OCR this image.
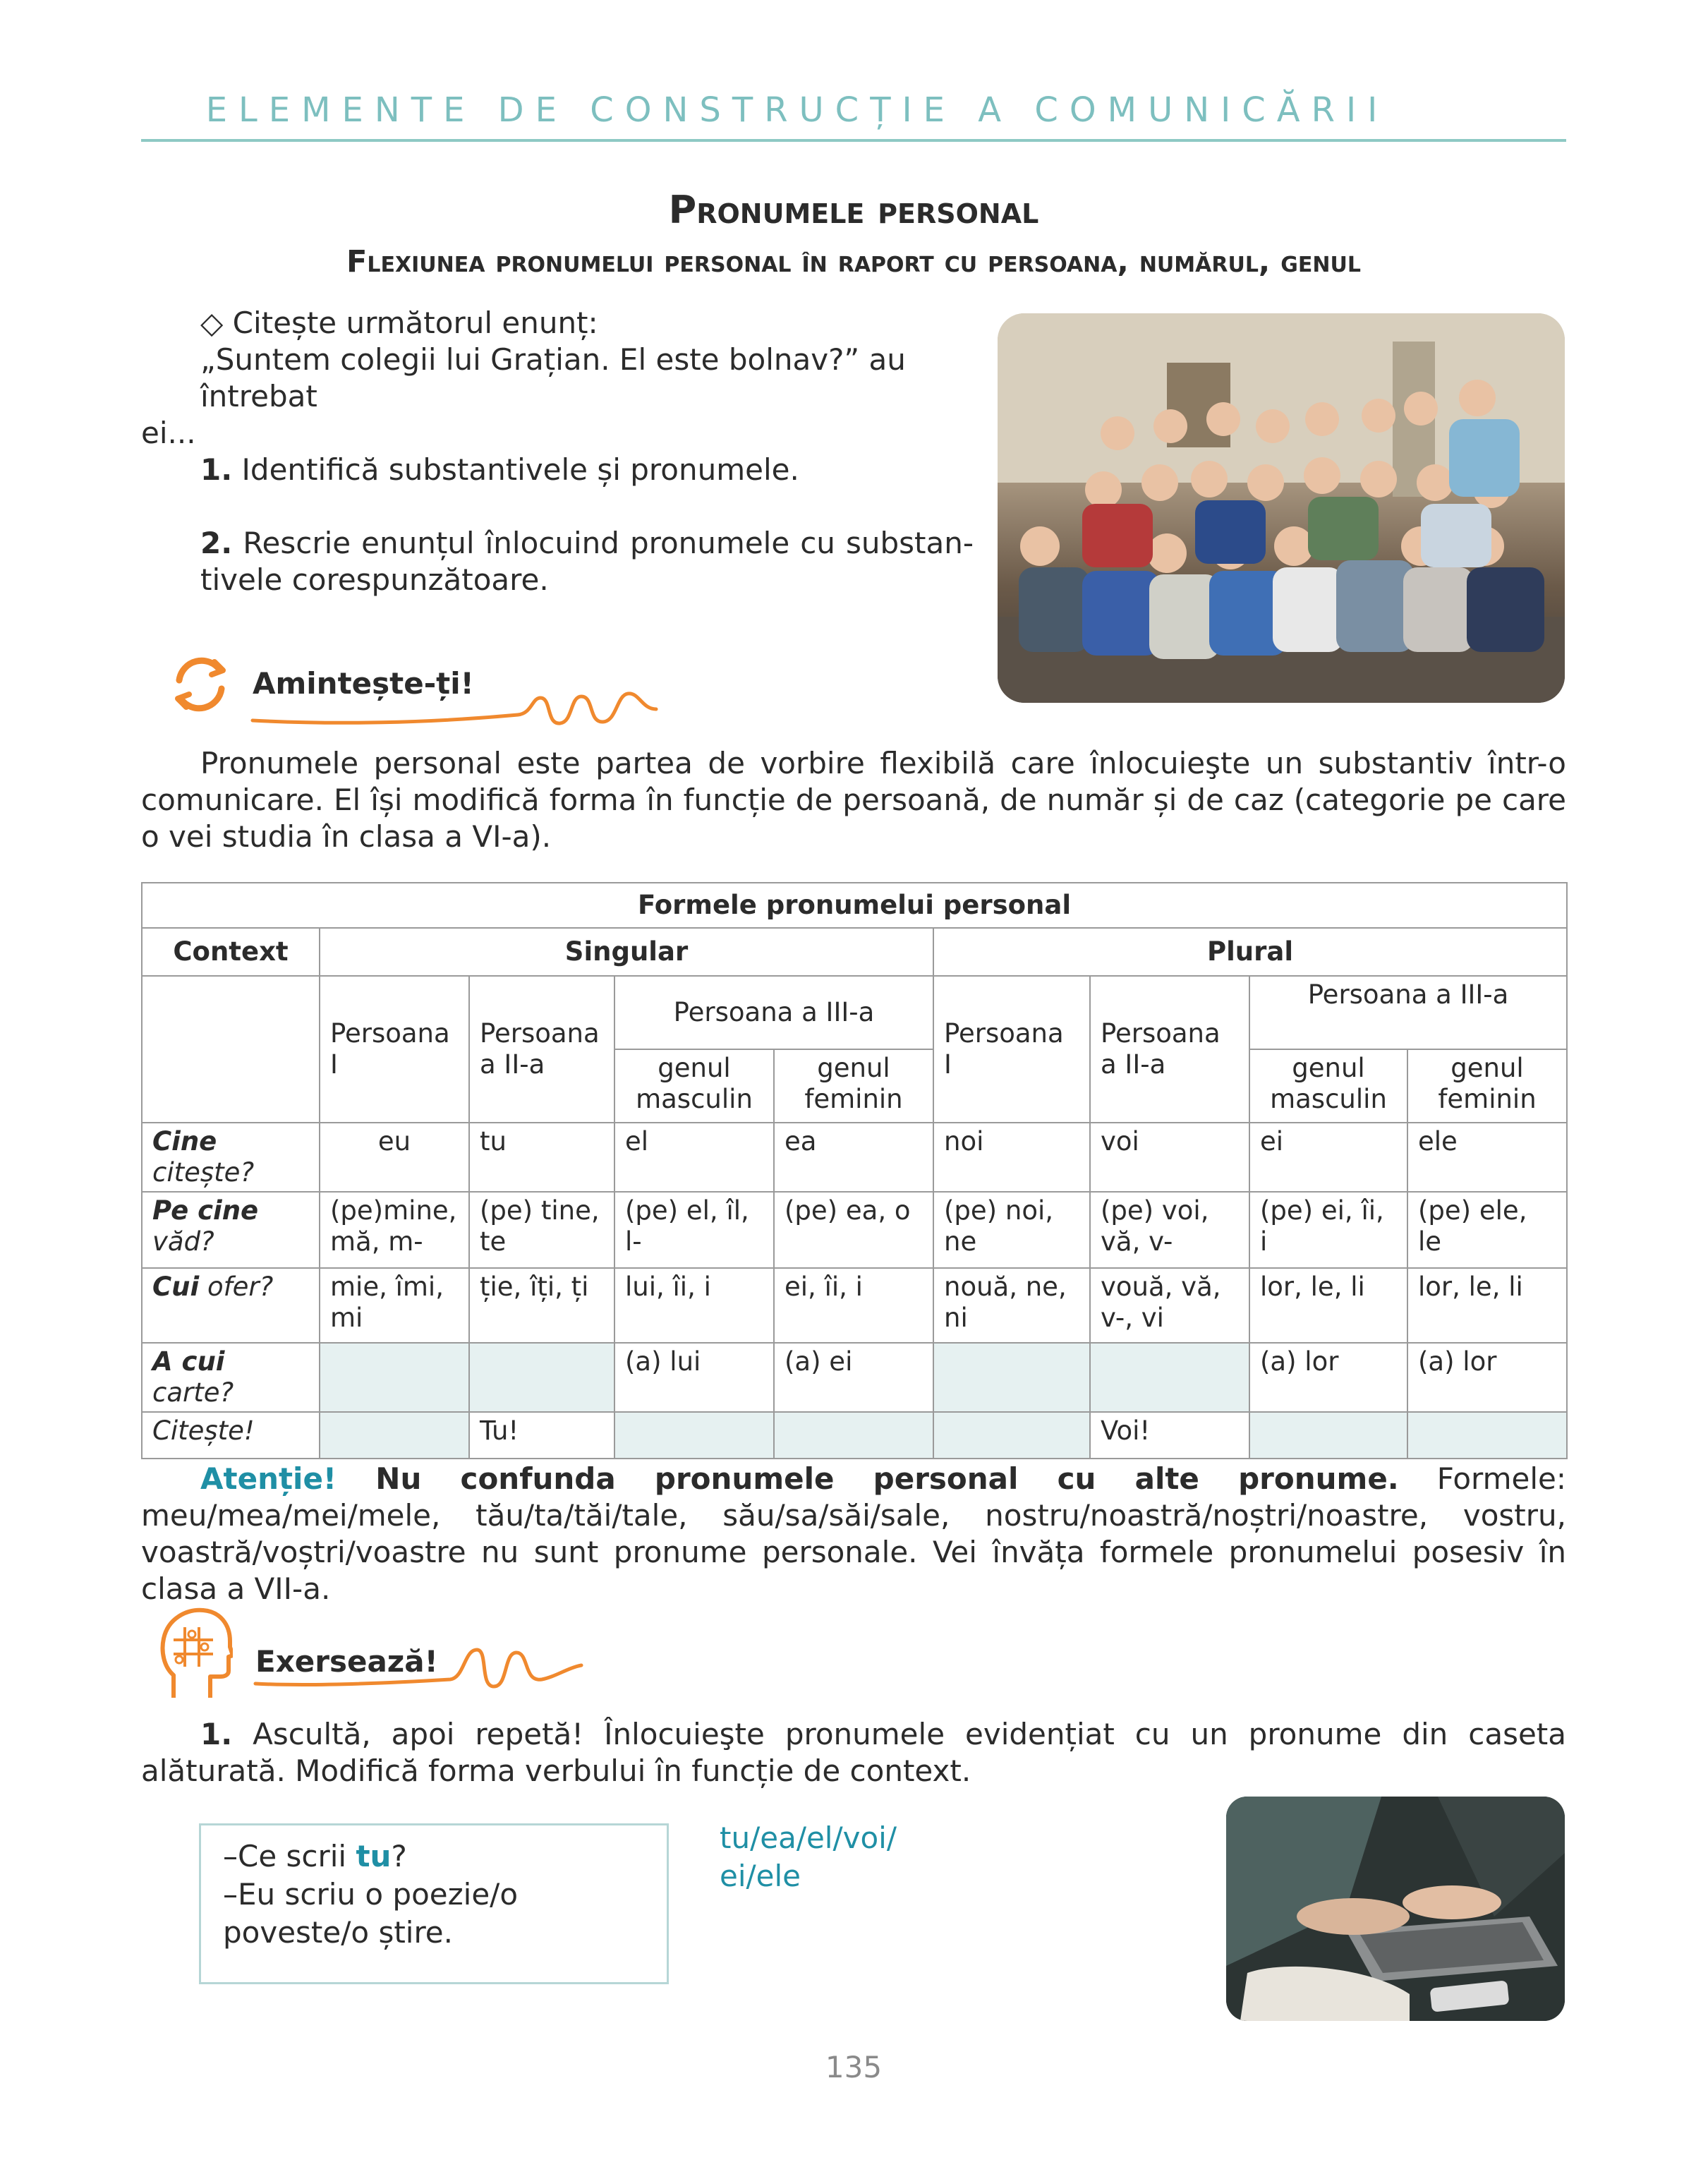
ELEMENTE DE CONSTRUCȚIE A COMUNICĂRII
Pronumele personal
Flexiunea pronumelui personal în raport cu persoana, numărul, genul

◇ Citește următorul enunț:

„Suntem colegii lui Grațian. El este bolnav?” au întrebat

ei...

1. Identifică substantivele și pronumele.

2. Rescrie enunțul înlocuind pronumele cu substantivele corespunzătoare.

Amintește-ți!

Pronumele personal este partea de vorbire flexibilă care înlocuieşte un substantiv într-o comunicare. El își modifică forma în funcție de persoană, de număr și de caz (categorie pe care o vei studia în clasa a VI-a).

Formele pronumelui personal								
Context	Singular				Plural			
	Persoana I	Persoana a II-a	Persoana a III-a		Persoana I	Persoana a II-a	Persoana a III-a	
			genul masculin	genul feminin			genul masculin	genul feminin
Cine citește?	eu	tu	el	ea	noi	voi	ei	ele
Pe cine văd?	(pe)mine, mă, m-	(pe) tine, te	(pe) el, îl, l-	(pe) ea, o	(pe) noi, ne	(pe) voi, vă, v-	(pe) ei, îi, i	(pe) ele, le
Cui ofer?	mie, îmi, mi	ție, îți, ți	lui, îi, i	ei, îi, i	nouă, ne, ni	vouă, vă, v-, vi	lor, le, li	lor, le, li
A cui carte?			(a) lui	(a) ei			(a) lor	(a) lor
Citește!		Tu!				Voi!		

Atenție! Nu confunda pronumele personal cu alte pronume. Formele: meu/mea/mei/mele, tău/ta/tăi/tale, său/sa/săi/sale, nostru/noastră/noștri/noastre, vostru, voastră/voștri/voastre nu sunt pronume personale. Vei învăța formele pronumelui posesiv în clasa a VII-a.

Exersează!

1. Ascultă, apoi repetă! Înlocuieşte pronumele evidențiat cu un pronume din caseta alăturată. Modifică forma verbului în funcție de context.

–Ce scrii tu?

–Eu scriu o poezie/o

poveste/o știre.

tu/ea/el/voi/

ei/ele

135
